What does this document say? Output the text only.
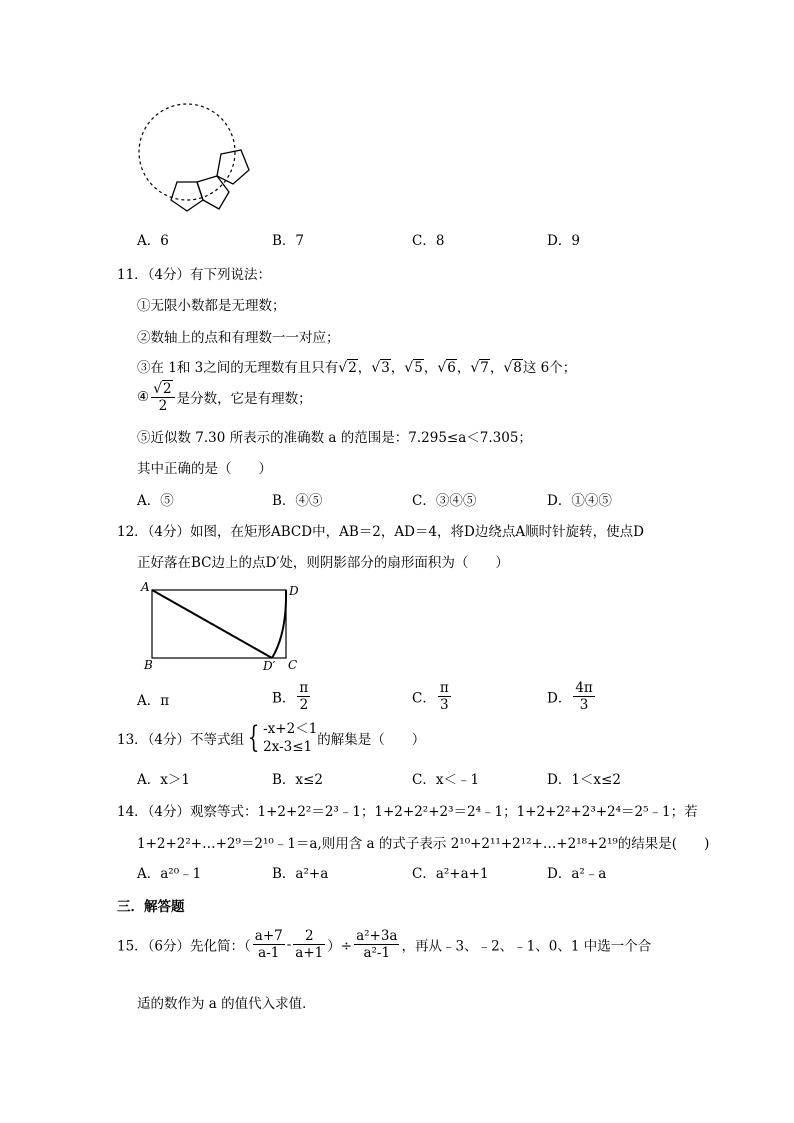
A．6	B．7	C．8	D．9
11．（4分）有下列说法：
①无限小数都是无理数；
②数轴上的点和有理数一一对应；
③在 1和 3之间的无理数有且只有√2，√3，√5，√6，√7，√8这 6个；
④ $\frac{√2}{2}$ 是分数，它是有理数；
⑤近似数 7.30 所表示的准确数 a 的范围是：7.295≤a＜7.305；
其中正确的是（　　）
A．⑤	B．④⑤	C．③④⑤	D．①④⑤
12．（4分）如图，在矩形ABCD中，AB＝2，AD＝4，将D边绕点A顺时针旋转，使点D
正好落在BC边上的点D′处，则阴影部分的扇形面积为（　　）
A	D
B	D′ C
A．π	B． $\frac{\pi}{2}$	C． $\frac{\pi}{3}$	D． $\frac{4\pi}{3}$
13．（4分）不等式组 { -x+2＜1
2x-3≤1 的解集是（　　）
A．x＞1	B．x≤2	C．x＜﹣1	D．1＜x≤2
14．（4分）观察等式：1+2+2²＝2³﹣1；1+2+2²+2³＝2⁴﹣1；1+2+2²+2³+2⁴＝2⁵﹣1；若
1+2+2²+…+2⁹＝2¹⁰﹣1＝a,则用含 a 的式子表示 2¹⁰+2¹¹+2¹²+…+2¹⁸+2¹⁹的结果是(　　)
A．a²⁰﹣1	B．a²+a	C．a²+a+1	D．a²﹣a
三．解答题
15．（6分）先化简：（ $\frac{a+7}{a-1} - \frac{2}{a+1}$ ）÷ $\frac{\text{a²+3a}}{\text{a²-1}}$ ，再从﹣3、﹣2、﹣1、0、1 中选一个合
适的数作为 a 的值代入求值．
